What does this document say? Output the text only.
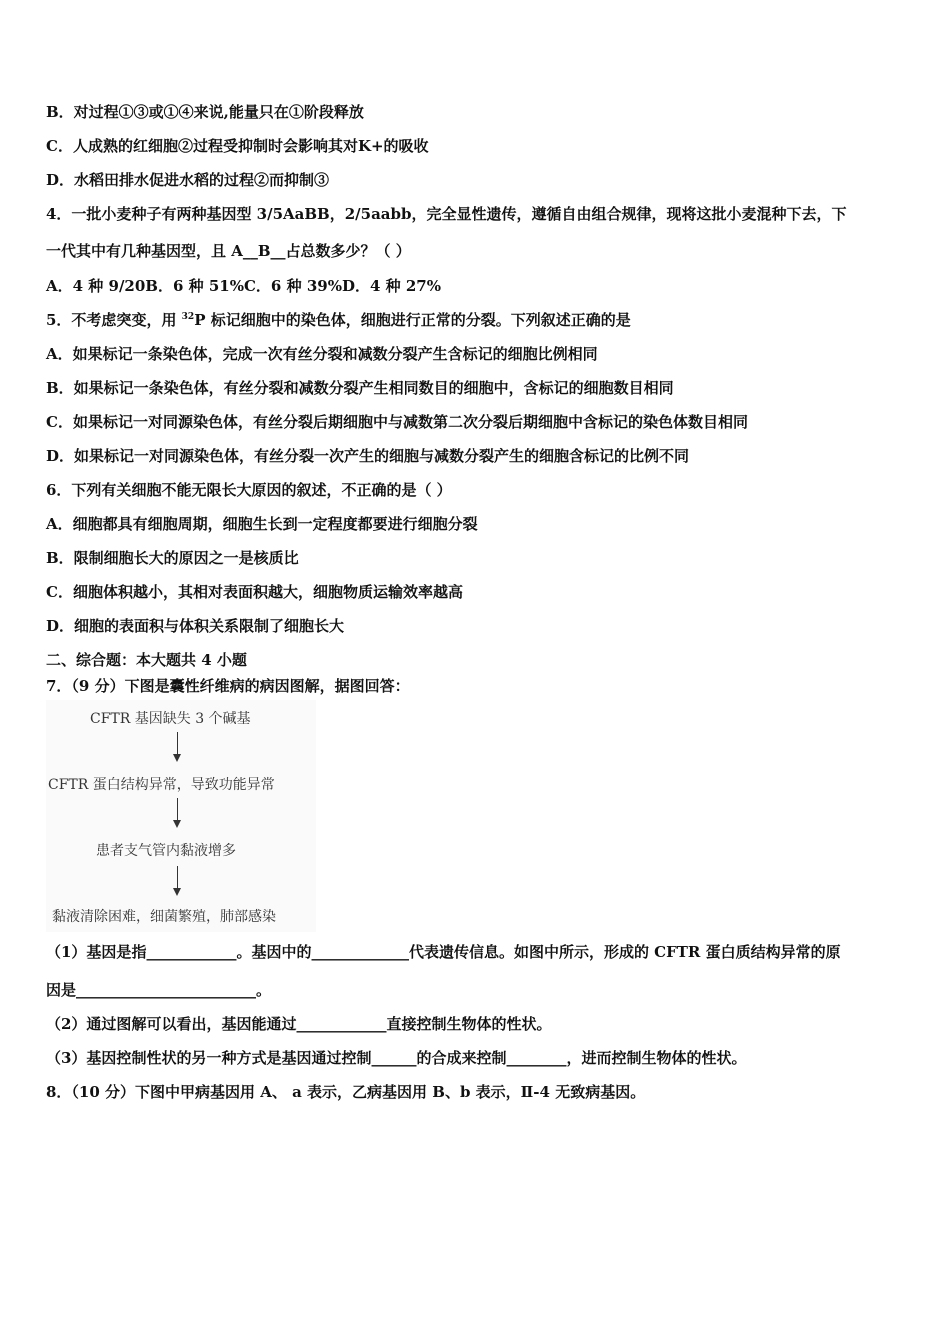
B．对过程①③或①④来说,能量只在①阶段释放
C．人成熟的红细胞②过程受抑制时会影响其对K+的吸收
D．水稻田排水促进水稻的过程②而抑制③
4．一批小麦种子有两种基因型 3/5AaBB，2/5aabb，完全显性遗传，遵循自由组合规律，现将这批小麦混种下去，下
一代其中有几种基因型，且 A__B__占总数多少？（ ）
A．4 种 9/20B．6 种 51%C．6 种 39%D．4 种 27%
5．不考虑突变，用 $^{32}$P 标记细胞中的染色体，细胞进行正常的分裂。下列叙述正确的是
A．如果标记一条染色体，完成一次有丝分裂和减数分裂产生含标记的细胞比例相同
B．如果标记一条染色体，有丝分裂和减数分裂产生相同数目的细胞中，含标记的细胞数目相同
C．如果标记一对同源染色体，有丝分裂后期细胞中与减数第二次分裂后期细胞中含标记的染色体数目相同
D．如果标记一对同源染色体，有丝分裂一次产生的细胞与减数分裂产生的细胞含标记的比例不同
6．下列有关细胞不能无限长大原因的叙述，不正确的是（ ）
A．细胞都具有细胞周期，细胞生长到一定程度都要进行细胞分裂
B．限制细胞长大的原因之一是核质比
C．细胞体积越小，其相对表面积越大，细胞物质运输效率越高
D．细胞的表面积与体积关系限制了细胞长大
二、综合题：本大题共 4 小题
7．（9 分）下图是囊性纤维病的病因图解，据图回答：
CFTR 基因缺失 3 个碱基
CFTR 蛋白结构异常，导致功能异常
患者支气管内黏液增多
黏液清除困难，细菌繁殖，肺部感染
（1）基因是指____________。基因中的_____________代表遗传信息。如图中所示，形成的 CFTR 蛋白质结构异常的原
因是________________________。
（2）通过图解可以看出，基因能通过____________直接控制生物体的性状。
（3）基因控制性状的另一种方式是基因通过控制______的合成来控制________，进而控制生物体的性状。
8．（10 分）下图中甲病基因用 A、 a 表示，乙病基因用 B、b 表示，Ⅱ-4 无致病基因。
